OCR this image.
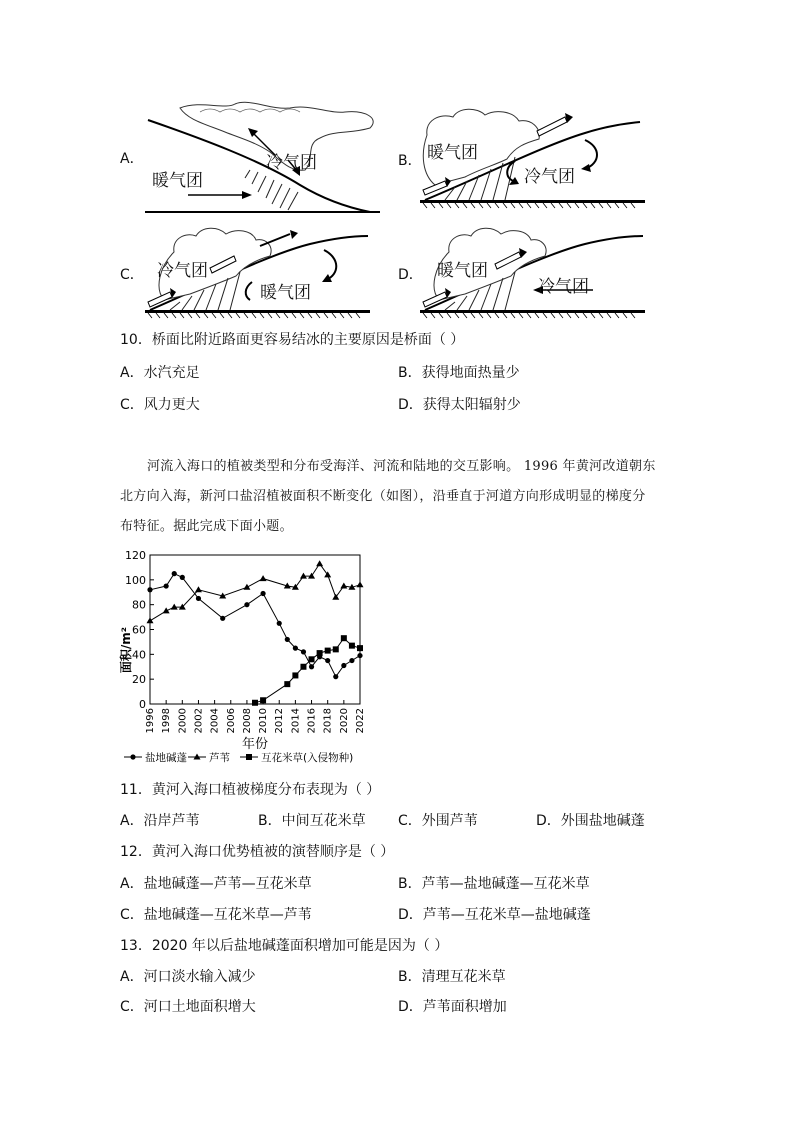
A．	冷气团
暖气团
B． 暖气团
冷气团
C． 冷气团
暖气团
D． 暖气团
冷气团
10．桥面比附近路面更容易结冰的主要原因是桥面（ ）
A．水汽充足	B．获得地面热量少
C．风力更大	D．获得太阳辐射少
河流入海口的植被类型和分布受海洋、河流和陆地的交互影响。 1996 年黄河改道朝东
北方向入海，新河口盐沼植被面积不断变化（如图），沿垂直于河道方向形成明显的梯度分
布特征。据此完成下面小题。
0
20
40
60
80
100
120
1996 1998 2000 2002 2004 2006 2008 2010 2012 2014 2016 2018 2020 2022
面积/m²
年份
盐地碱蓬 芦苇	互花米草(入侵物种)
11．黄河入海口植被梯度分布表现为（ ）
A．沿岸芦苇	B．中间互花米草 C．外围芦苇	D．外围盐地碱蓬
12．黄河入海口优势植被的演替顺序是（ ）
A．盐地碱蓬—芦苇—互花米草	B．芦苇—盐地碱蓬—互花米草
C．盐地碱蓬—互花米草—芦苇	D．芦苇—互花米草—盐地碱蓬
13．2020 年以后盐地碱蓬面积增加可能是因为（ ）
A．河口淡水输入减少	B．清理互花米草
C．河口土地面积增大	D．芦苇面积增加
